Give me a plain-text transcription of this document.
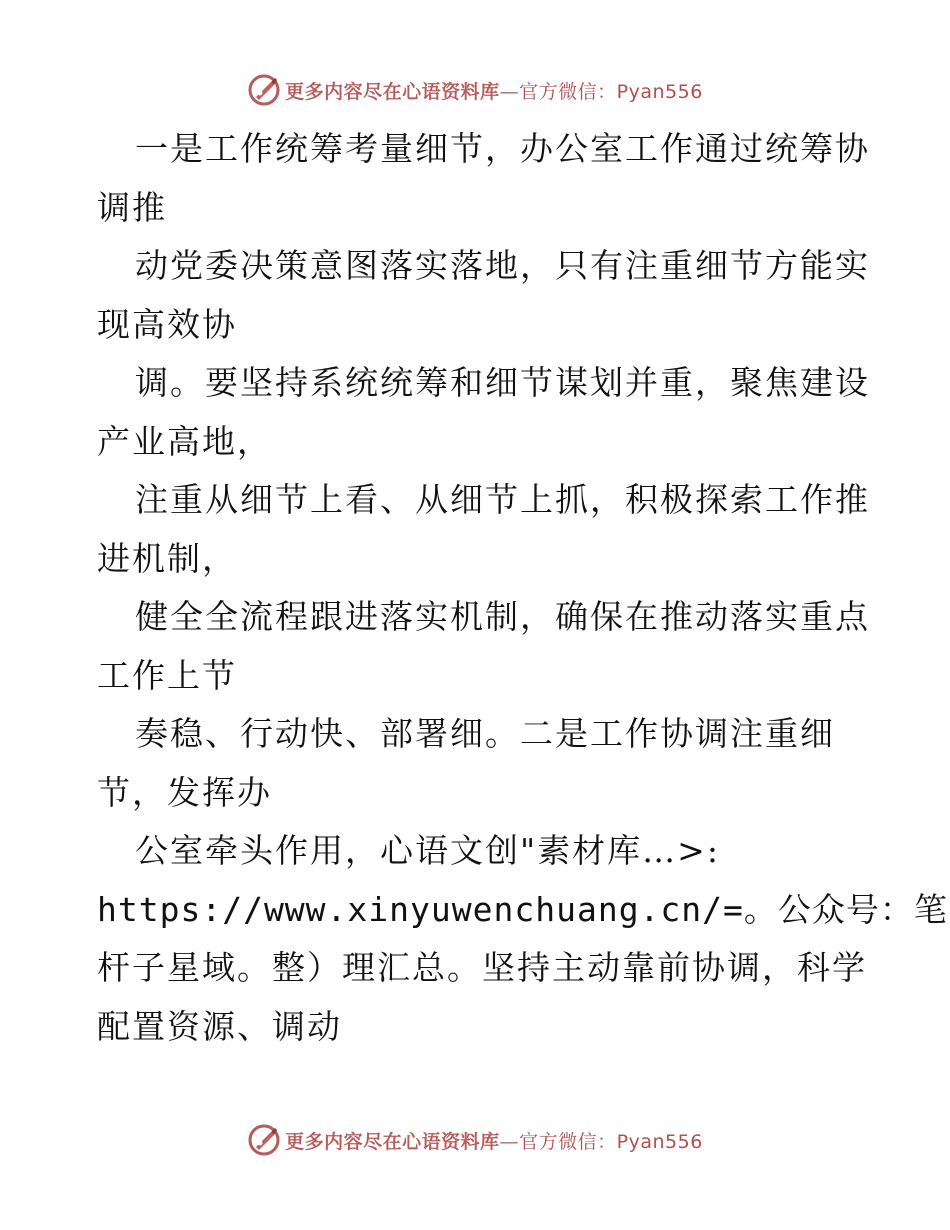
更多内容尽在心语资料库—官方微信：Pyan556
一是工作统筹考量细节，办公室工作通过统筹协
调推
动党委决策意图落实落地，只有注重细节方能实
现高效协
调。要坚持系统统筹和细节谋划并重，聚焦建设
产业高地，
注重从细节上看、从细节上抓，积极探索工作推
进机制，
健全全流程跟进落实机制，确保在推动落实重点
工作上节
奏稳、行动快、部署细。二是工作协调注重细
节，发挥办
公室牵头作用，心语文创"素材库…>:
https://www.xinyuwenchuang.cn/=。公众号：笔
杆子星域。整）理汇总。坚持主动靠前协调，科学
配置资源、调动
更多内容尽在心语资料库—官方微信：Pyan556
